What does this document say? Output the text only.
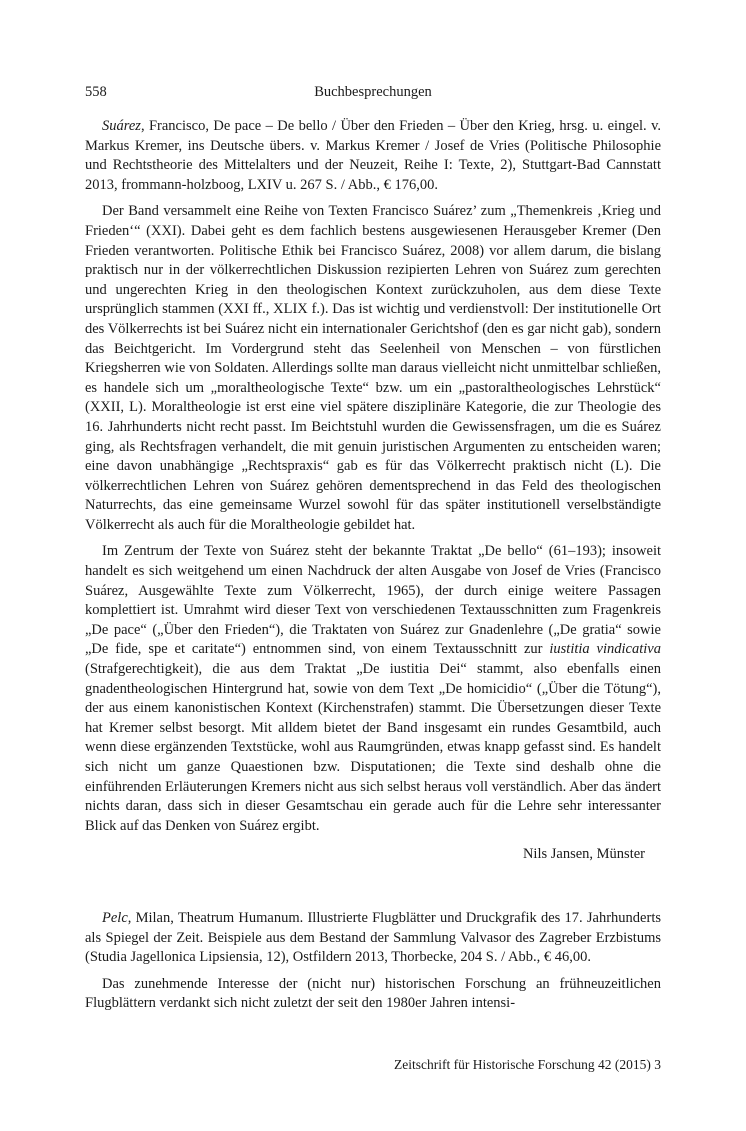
558	Buchbesprechungen

Suárez, Francisco, De pace – De bello / Über den Frieden – Über den Krieg, hrsg. u. eingel. v. Markus Kremer, ins Deutsche übers. v. Markus Kremer / Josef de Vries (Politische Philosophie und Rechtstheorie des Mittelalters und der Neuzeit, Reihe I: Texte, 2), Stuttgart-Bad Cannstatt 2013, frommann-holzboog, LXIV u. 267 S. / Abb., € 176,00.

Der Band versammelt eine Reihe von Texten Francisco Suárez’ zum „Themenkreis ‚Krieg und Frieden‘“ (XXI). Dabei geht es dem fachlich bestens ausgewiesenen Herausgeber Kremer (Den Frieden verantworten. Politische Ethik bei Francisco Suárez, 2008) vor allem darum, die bislang praktisch nur in der völkerrechtlichen Diskussion rezipierten Lehren von Suárez zum gerechten und ungerechten Krieg in den theologischen Kontext zurückzuholen, aus dem diese Texte ursprünglich stammen (XXI ff., XLIX f.). Das ist wichtig und verdienstvoll: Der institutionelle Ort des Völkerrechts ist bei Suárez nicht ein internationaler Gerichtshof (den es gar nicht gab), sondern das Beichtgericht. Im Vordergrund steht das Seelenheil von Menschen – von fürstlichen Kriegsherren wie von Soldaten. Allerdings sollte man daraus vielleicht nicht unmittelbar schließen, es handele sich um „moraltheologische Texte“ bzw. um ein „pastoraltheologisches Lehrstück“ (XXII, L). Moraltheologie ist erst eine viel spätere disziplinäre Kategorie, die zur Theologie des 16. Jahrhunderts nicht recht passt. Im Beichtstuhl wurden die Gewissensfragen, um die es Suárez ging, als Rechtsfragen verhandelt, die mit genuin juristischen Argumenten zu entscheiden waren; eine davon unabhängige „Rechtspraxis“ gab es für das Völkerrecht praktisch nicht (L). Die völkerrechtlichen Lehren von Suárez gehören dementsprechend in das Feld des theologischen Naturrechts, das eine gemeinsame Wurzel sowohl für das später institutionell verselbständigte Völkerrecht als auch für die Moraltheologie gebildet hat.

Im Zentrum der Texte von Suárez steht der bekannte Traktat „De bello“ (61–193); insoweit handelt es sich weitgehend um einen Nachdruck der alten Ausgabe von Josef de Vries (Francisco Suárez, Ausgewählte Texte zum Völkerrecht, 1965), der durch einige weitere Passagen komplettiert ist. Umrahmt wird dieser Text von verschiedenen Textausschnitten zum Fragenkreis „De pace“ („Über den Frieden“), die Traktaten von Suárez zur Gnadenlehre („De gratia“ sowie „De fide, spe et caritate“) entnommen sind, von einem Textausschnitt zur iustitia vindicativa (Strafgerechtigkeit), die aus dem Traktat „De iustitia Dei“ stammt, also ebenfalls einen gnadentheologischen Hintergrund hat, sowie von dem Text „De homicidio“ („Über die Tötung“), der aus einem kanonistischen Kontext (Kirchenstrafen) stammt. Die Übersetzungen dieser Texte hat Kremer selbst besorgt. Mit alldem bietet der Band insgesamt ein rundes Gesamtbild, auch wenn diese ergänzenden Textstücke, wohl aus Raumgründen, etwas knapp gefasst sind. Es handelt sich nicht um ganze Quaestionen bzw. Disputationen; die Texte sind deshalb ohne die einführenden Erläuterungen Kremers nicht aus sich selbst heraus voll verständlich. Aber das ändert nichts daran, dass sich in dieser Gesamtschau ein gerade auch für die Lehre sehr interessanter Blick auf das Denken von Suárez ergibt.

Nils Jansen, Münster

Pelc, Milan, Theatrum Humanum. Illustrierte Flugblätter und Druckgrafik des 17. Jahrhunderts als Spiegel der Zeit. Beispiele aus dem Bestand der Sammlung Valvasor des Zagreber Erzbistums (Studia Jagellonica Lipsiensia, 12), Ostfildern 2013, Thorbecke, 204 S. / Abb., € 46,00.

Das zunehmende Interesse der (nicht nur) historischen Forschung an frühneuzeitlichen Flugblättern verdankt sich nicht zuletzt der seit den 1980er Jahren intensi-

Zeitschrift für Historische Forschung 42 (2015) 3
